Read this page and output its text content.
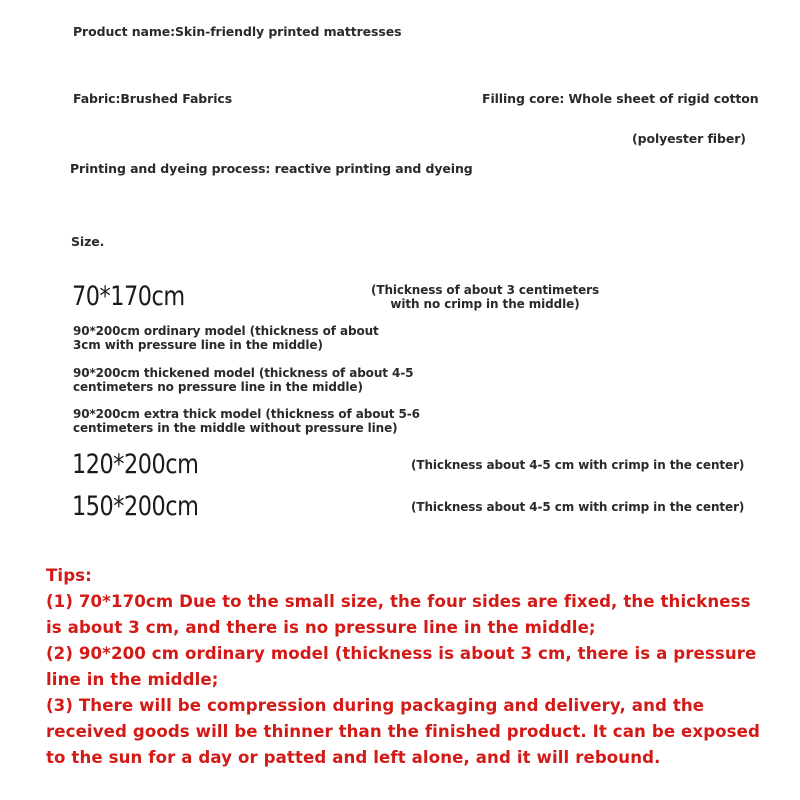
Product name:Skin-friendly printed mattresses

Fabric:Brushed Fabrics	Filling core: Whole sheet of rigid cotton

(polyester fiber)

Printing and dyeing process: reactive printing and dyeing

Size.

70*170cm	(Thickness of about 3 centimeters

with no crimp in the middle)

90*200cm ordinary model (thickness of about

3cm with pressure line in the middle)

90*200cm thickened model (thickness of about 4-5

centimeters no pressure line in the middle)

90*200cm extra thick model (thickness of about 5-6

centimeters in the middle without pressure line)

120*200cm	(Thickness about 4-5 cm with crimp in the center)

150*200cm	(Thickness about 4-5 cm with crimp in the center)

Tips:

(1) 70*170cm Due to the small size, the four sides are fixed, the thickness is about 3 cm, and there is no pressure line in the middle;

(2) 90*200 cm ordinary model (thickness is about 3 cm, there is a pressure line in the middle;

(3) There will be compression during packaging and delivery, and the received goods will be thinner than the finished product. It can be exposed to the sun for a day or patted and left alone, and it will rebound.
